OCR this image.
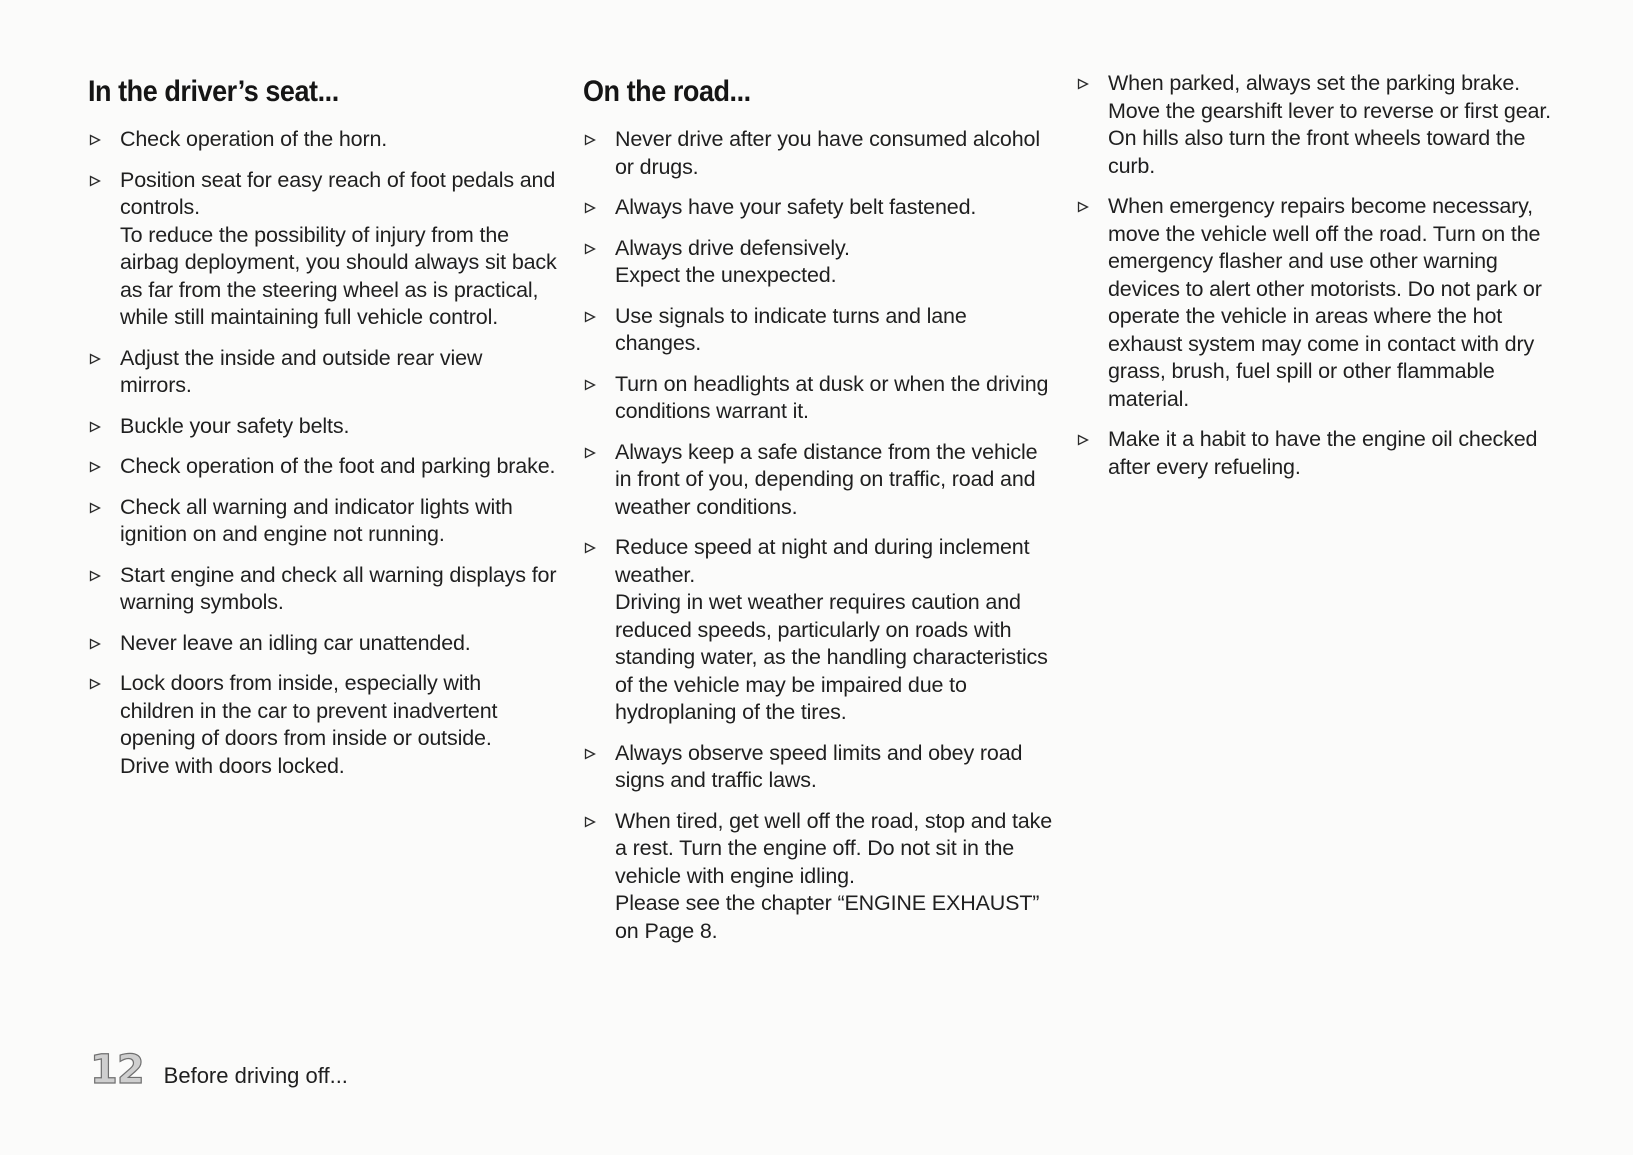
In the driver’s seat...
Check operation of the horn.
Position seat for easy reach of foot pedals and controls.
To reduce the possibility of injury from the airbag deployment, you should always sit back as far from the steering wheel as is practical, while still maintaining full vehicle control.
Adjust the inside and outside rear view mirrors.
Buckle your safety belts.
Check operation of the foot and parking brake.
Check all warning and indicator lights with ignition on and engine not running.
Start engine and check all warning displays for warning symbols.
Never leave an idling car unattended.
Lock doors from inside, especially with children in the car to prevent inadvertent opening of doors from inside or outside.
Drive with doors locked.
On the road...
Never drive after you have consumed alcohol or drugs.
Always have your safety belt fastened.
Always drive defensively.
Expect the unexpected.
Use signals to indicate turns and lane changes.
Turn on headlights at dusk or when the driving conditions warrant it.
Always keep a safe distance from the vehicle in front of you, depending on traffic, road and weather conditions.
Reduce speed at night and during inclement weather.
Driving in wet weather requires caution and reduced speeds, particularly on roads with standing water, as the handling characteristics of the vehicle may be impaired due to hydroplaning of the tires.
Always observe speed limits and obey road signs and traffic laws.
When tired, get well off the road, stop and take a rest. Turn the engine off. Do not sit in the vehicle with engine idling.
Please see the chapter “ENGINE EXHAUST” on Page 8.
When parked, always set the parking brake. Move the gearshift lever to reverse or first gear.
On hills also turn the front wheels toward the curb.
When emergency repairs become necessary, move the vehicle well off the road. Turn on the emergency flasher and use other warning devices to alert other motorists. Do not park or operate the vehicle in areas where the hot exhaust system may come in contact with dry grass, brush, fuel spill or other flammable material.
Make it a habit to have the engine oil checked after every refueling.
12 Before driving off...
